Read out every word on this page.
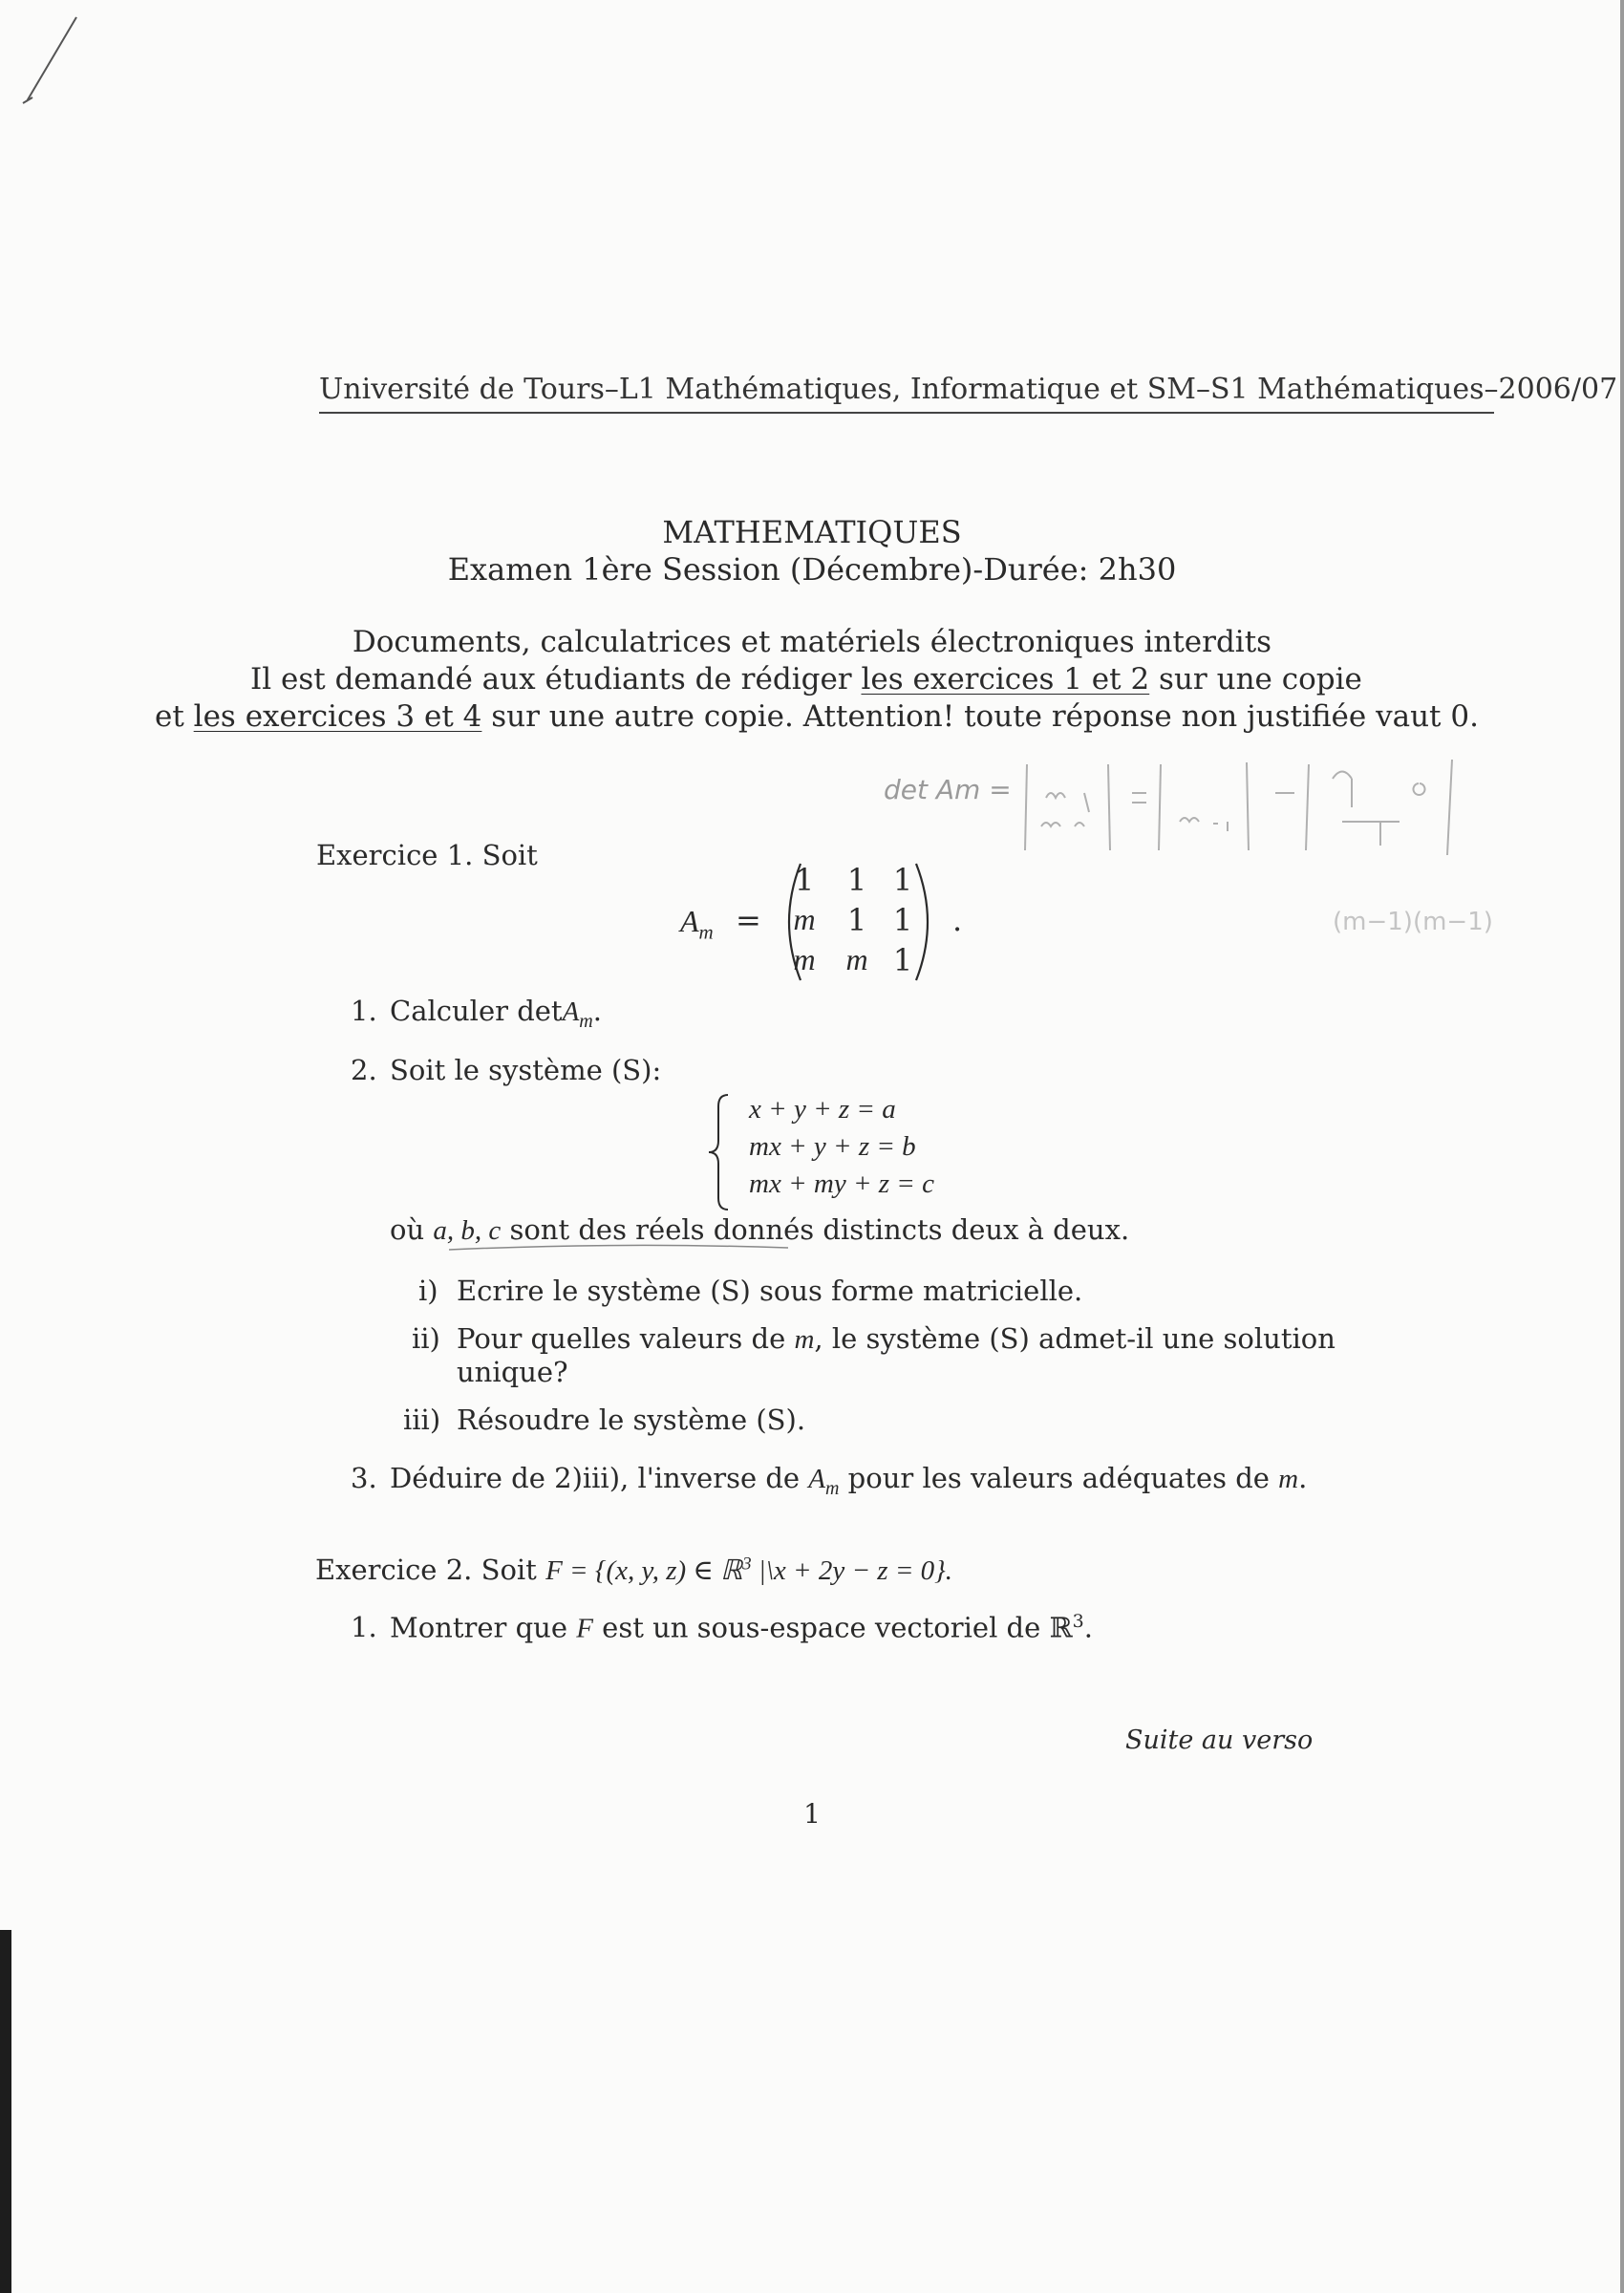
Université de Tours–L1 Mathématiques, Informatique et SM–S1 Mathématiques–2006/07
MATHEMATIQUES
Examen 1ère Session (Décembre)-Durée: 2h30
Documents, calculatrices et matériels électroniques interdits
Il est demandé aux étudiants de rédiger les exercices 1 et 2 sur une copie
et les exercices 3 et 4 sur une autre copie. Attention! toute réponse non justifiée vaut 0.
det Am =
(m−1)(m−1)
Exercice 1. Soit
$A_m$ =
1	1 1
m	1 1
m m 1
.
1. Calculer detA$_m$.
2. Soit le système (S):
x + y + z = a
mx + y + z = b
mx + my + z = c
où a, b, c sont des réels donnés distincts deux à deux.
i) Ecrire le système (S) sous forme matricielle.
ii) Pour quelles valeurs de m, le système (S) admet-il une solution
unique?
iii) Résoudre le système (S).
3. Déduire de 2)iii), l'inverse de $A_m$ pour les valeurs adéquates de m.
Exercice 2. Soit F = {(x, y, z) ∈ ℝ$^3$ |\x + 2y − z = 0}.
1. Montrer que F est un sous-espace vectoriel de ℝ$^3$.
Suite au verso
1
